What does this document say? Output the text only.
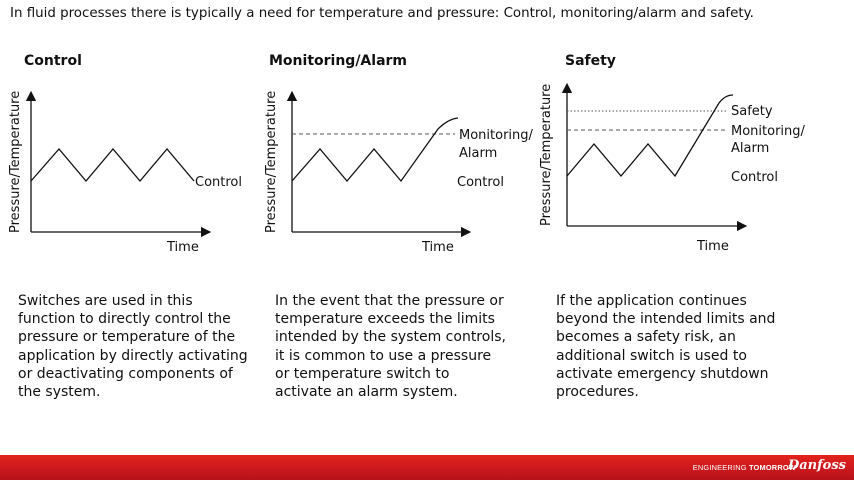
In fluid processes there is typically a need for temperature and pressure: Control, monitoring/alarm and safety.
Control	Monitoring/Alarm	Safety
Pressure/Temperature
Time
Control Pressure/Temperature
Time
Monitoring/
Alarm
Control	Pressure/Temperature
Time
Safety
Monitoring/
Alarm
Control
Switches are used in this function to directly control the pressure or temperature of the application by directly activating or deactivating components of the system.
In the event that the pressure or temperature exceeds the limits intended by the system controls, it is common to use a pressure or temperature switch to activate an alarm system.
If the application continues beyond the intended limits and becomes a safety risk, an additional switch is used to activate emergency shutdown procedures.
ENGINEERING TOMORROW
Danfoss
